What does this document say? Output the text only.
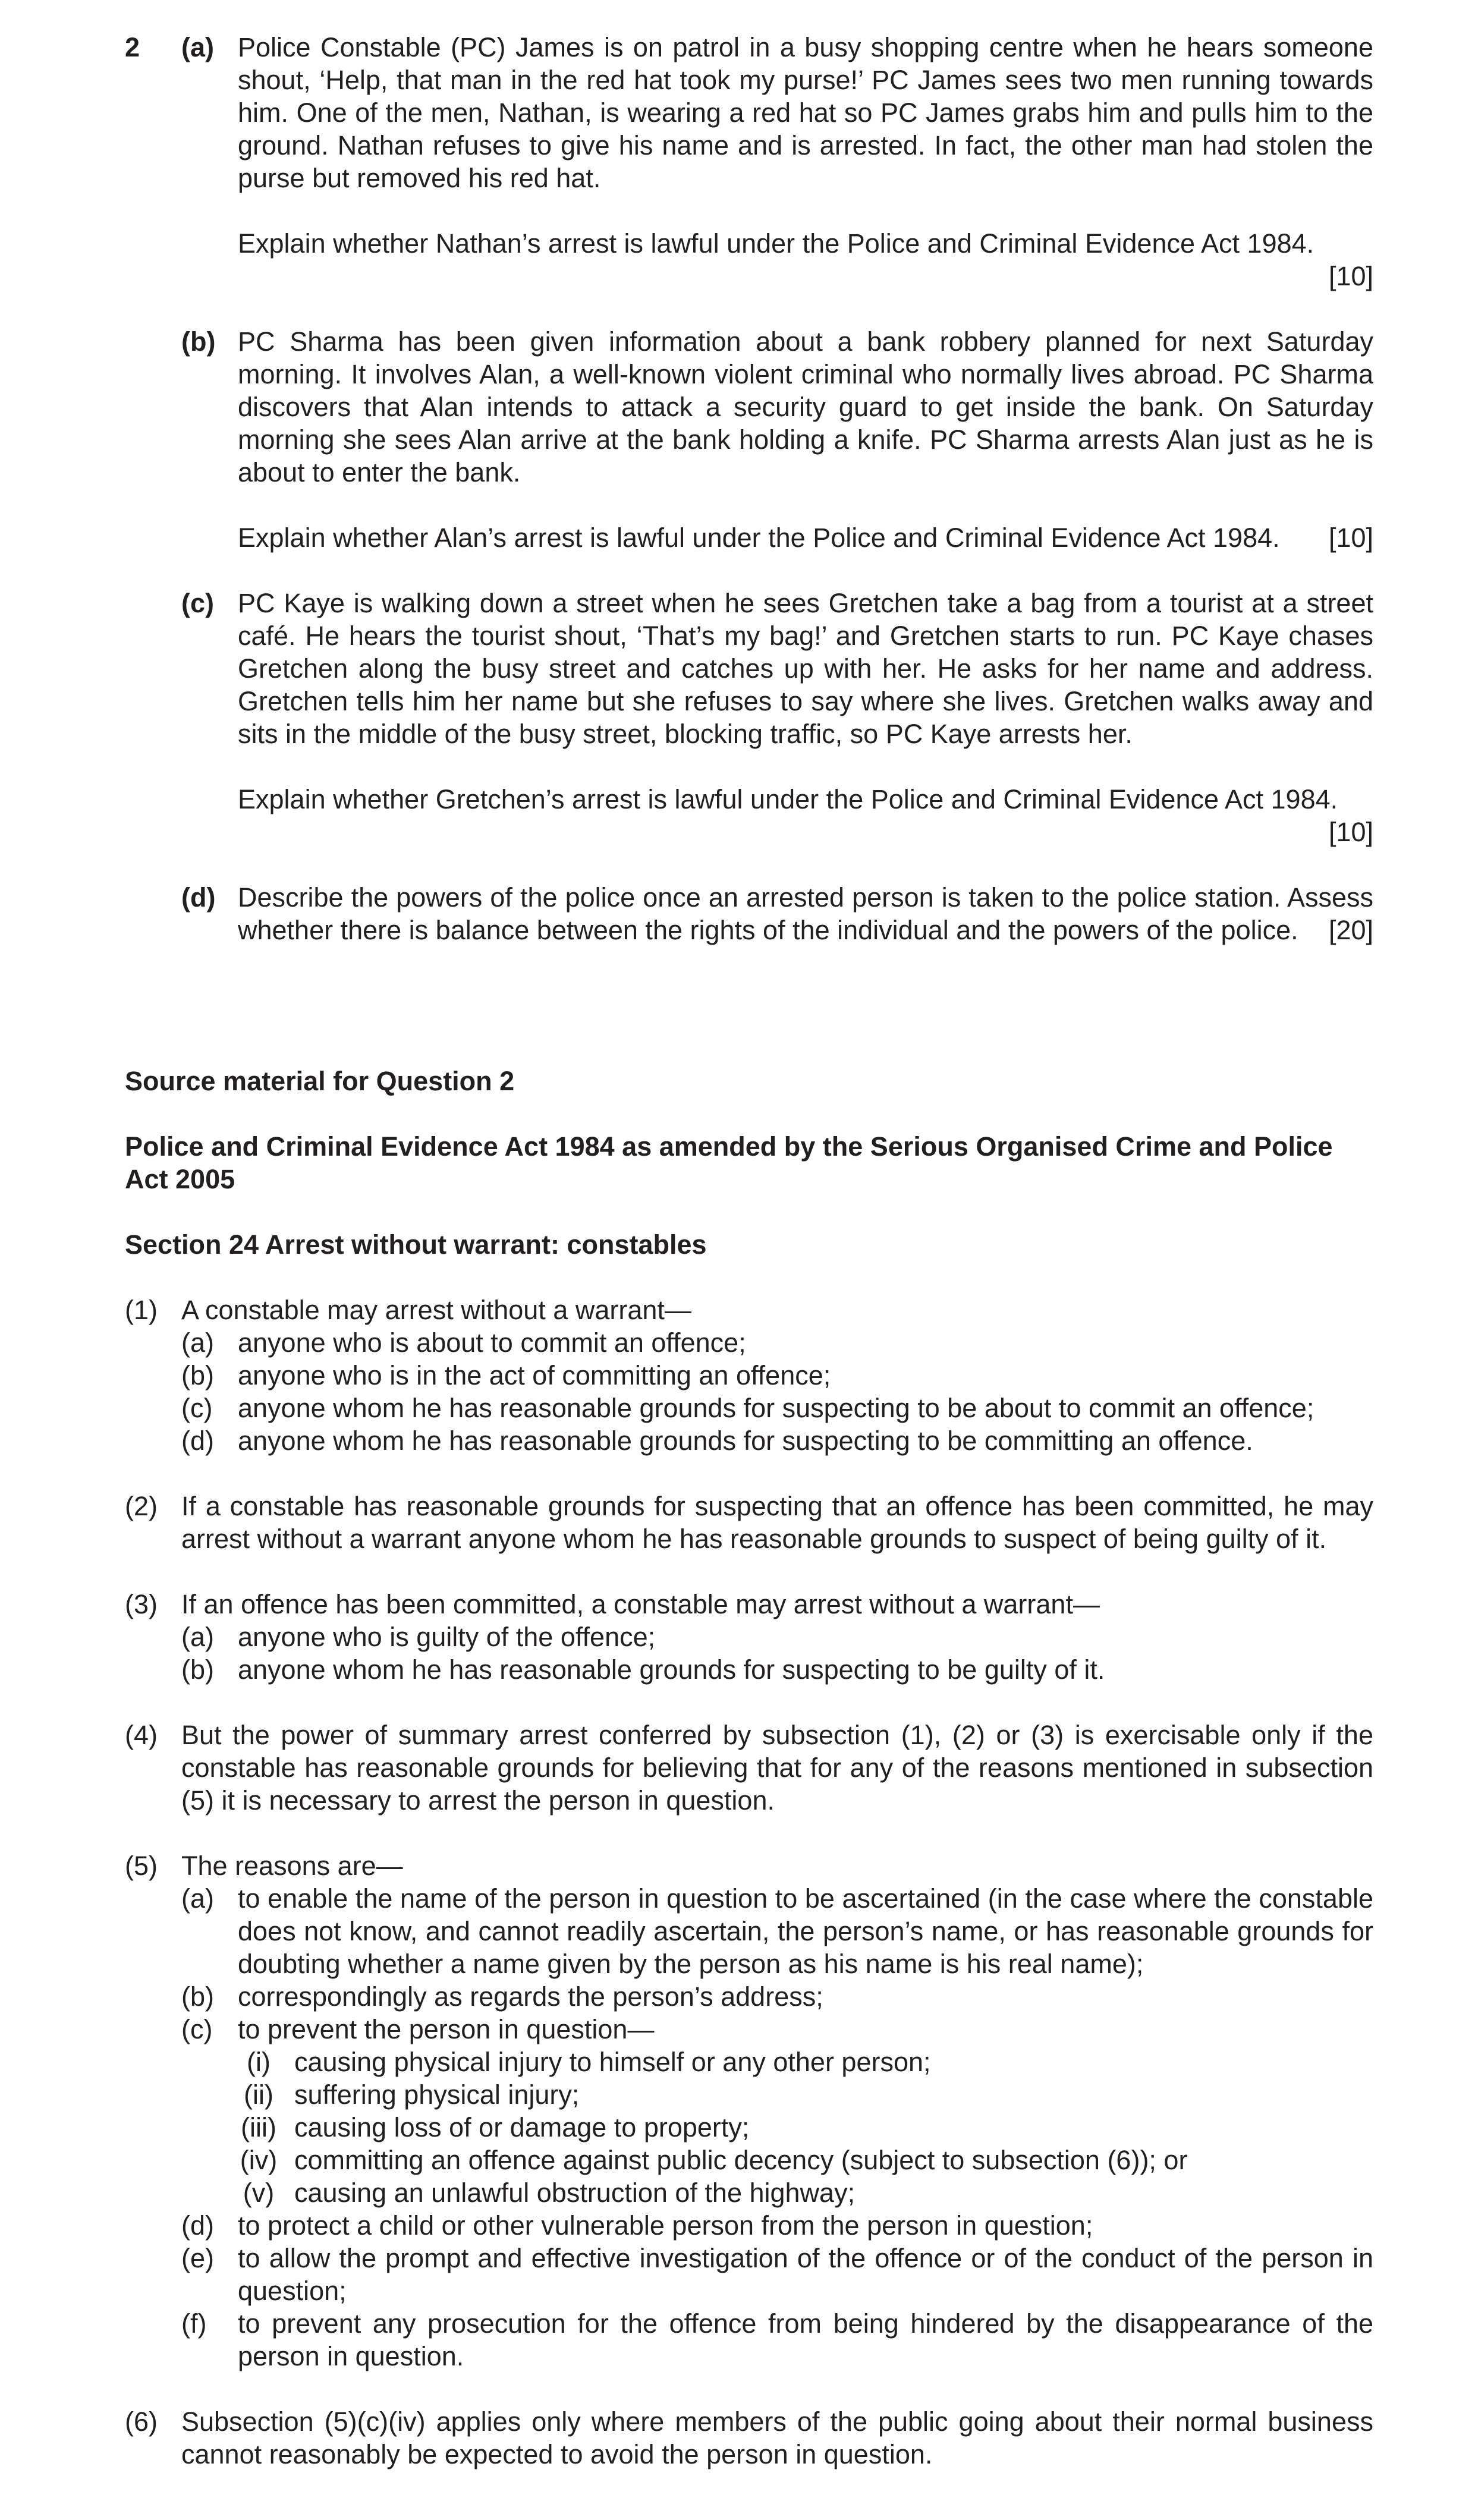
2 (a) Police Constable (PC) James is on patrol in a busy shopping centre when he hears someone shout, ‘Help, that man in the red hat took my purse!’ PC James sees two men running towards him. One of the men, Nathan, is wearing a red hat so PC James grabs him and pulls him to the ground. Nathan refuses to give his name and is arrested. In fact, the other man had stolen the purse but removed his red hat.

Explain whether Nathan’s arrest is lawful under the Police and Criminal Evidence Act 1984.

[10]
(b) PC Sharma has been given information about a bank robbery planned for next Saturday morning. It involves Alan, a well-known violent criminal who normally lives abroad. PC Sharma discovers that Alan intends to attack a security guard to get inside the bank. On Saturday morning she sees Alan arrive at the bank holding a knife. PC Sharma arrests Alan just as he is about to enter the bank.

[10]
Explain whether Alan’s arrest is lawful under the Police and Criminal Evidence Act 1984.

(c) PC Kaye is walking down a street when he sees Gretchen take a bag from a tourist at a street café. He hears the tourist shout, ‘That’s my bag!’ and Gretchen starts to run. PC Kaye chases Gretchen along the busy street and catches up with her. He asks for her name and address. Gretchen tells him her name but she refuses to say where she lives. Gretchen walks away and sits in the middle of the busy street, blocking traffic, so PC Kaye arrests her.

Explain whether Gretchen’s arrest is lawful under the Police and Criminal Evidence Act 1984.

[10]
(d) Describe the powers of the police once an arrested person is taken to the police station. Assess whether there is balance between the rights of the individual and the powers of the police.	[20]
Source material for Question 2
Police and Criminal Evidence Act 1984 as amended by the Serious Organised Crime and Police Act 2005
Section 24 Arrest without warrant: constables
(1) A constable may arrest without a warrant—
(a) anyone who is about to commit an offence;
(b) anyone who is in the act of committing an offence;
(c) anyone whom he has reasonable grounds for suspecting to be about to commit an offence;
(d) anyone whom he has reasonable grounds for suspecting to be committing an offence.
(2) If a constable has reasonable grounds for suspecting that an offence has been committed, he may arrest without a warrant anyone whom he has reasonable grounds to suspect of being guilty of it.
(3) If an offence has been committed, a constable may arrest without a warrant—
(a) anyone who is guilty of the offence;
(b) anyone whom he has reasonable grounds for suspecting to be guilty of it.
(4) But the power of summary arrest conferred by subsection (1), (2) or (3) is exercisable only if the constable has reasonable grounds for believing that for any of the reasons mentioned in subsection (5) it is necessary to arrest the person in question.
(5) The reasons are—
(a) to enable the name of the person in question to be ascertained (in the case where the constable does not know, and cannot readily ascertain, the person’s name, or has reasonable grounds for doubting whether a name given by the person as his name is his real name);
(b) correspondingly as regards the person’s address;
(c) to prevent the person in question—
(i) causing physical injury to himself or any other person;
(ii) suffering physical injury;
(iii) causing loss of or damage to property;
(iv) committing an offence against public decency (subject to subsection (6)); or
(v) causing an unlawful obstruction of the highway;
(d) to protect a child or other vulnerable person from the person in question;
(e) to allow the prompt and effective investigation of the offence or of the conduct of the person in question;
(f) to prevent any prosecution for the offence from being hindered by the disappearance of the person in question.
(6) Subsection (5)(c)(iv) applies only where members of the public going about their normal business cannot reasonably be expected to avoid the person in question.
